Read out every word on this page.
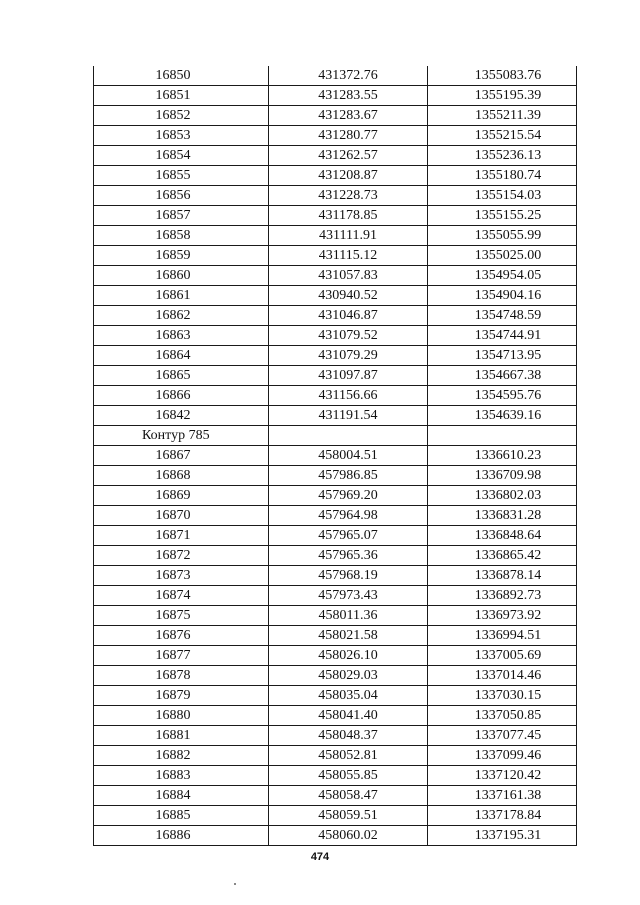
16850	431372.76	1355083.76
16851	431283.55	1355195.39
16852	431283.67	1355211.39
16853	431280.77	1355215.54
16854	431262.57	1355236.13
16855	431208.87	1355180.74
16856	431228.73	1355154.03
16857	431178.85	1355155.25
16858	431111.91	1355055.99
16859	431115.12	1355025.00
16860	431057.83	1354954.05
16861	430940.52	1354904.16
16862	431046.87	1354748.59
16863	431079.52	1354744.91
16864	431079.29	1354713.95
16865	431097.87	1354667.38
16866	431156.66	1354595.76
16842	431191.54	1354639.16
Контур 785		
16867	458004.51	1336610.23
16868	457986.85	1336709.98
16869	457969.20	1336802.03
16870	457964.98	1336831.28
16871	457965.07	1336848.64
16872	457965.36	1336865.42
16873	457968.19	1336878.14
16874	457973.43	1336892.73
16875	458011.36	1336973.92
16876	458021.58	1336994.51
16877	458026.10	1337005.69
16878	458029.03	1337014.46
16879	458035.04	1337030.15
16880	458041.40	1337050.85
16881	458048.37	1337077.45
16882	458052.81	1337099.46
16883	458055.85	1337120.42
16884	458058.47	1337161.38
16885	458059.51	1337178.84
16886	458060.02	1337195.31
474
